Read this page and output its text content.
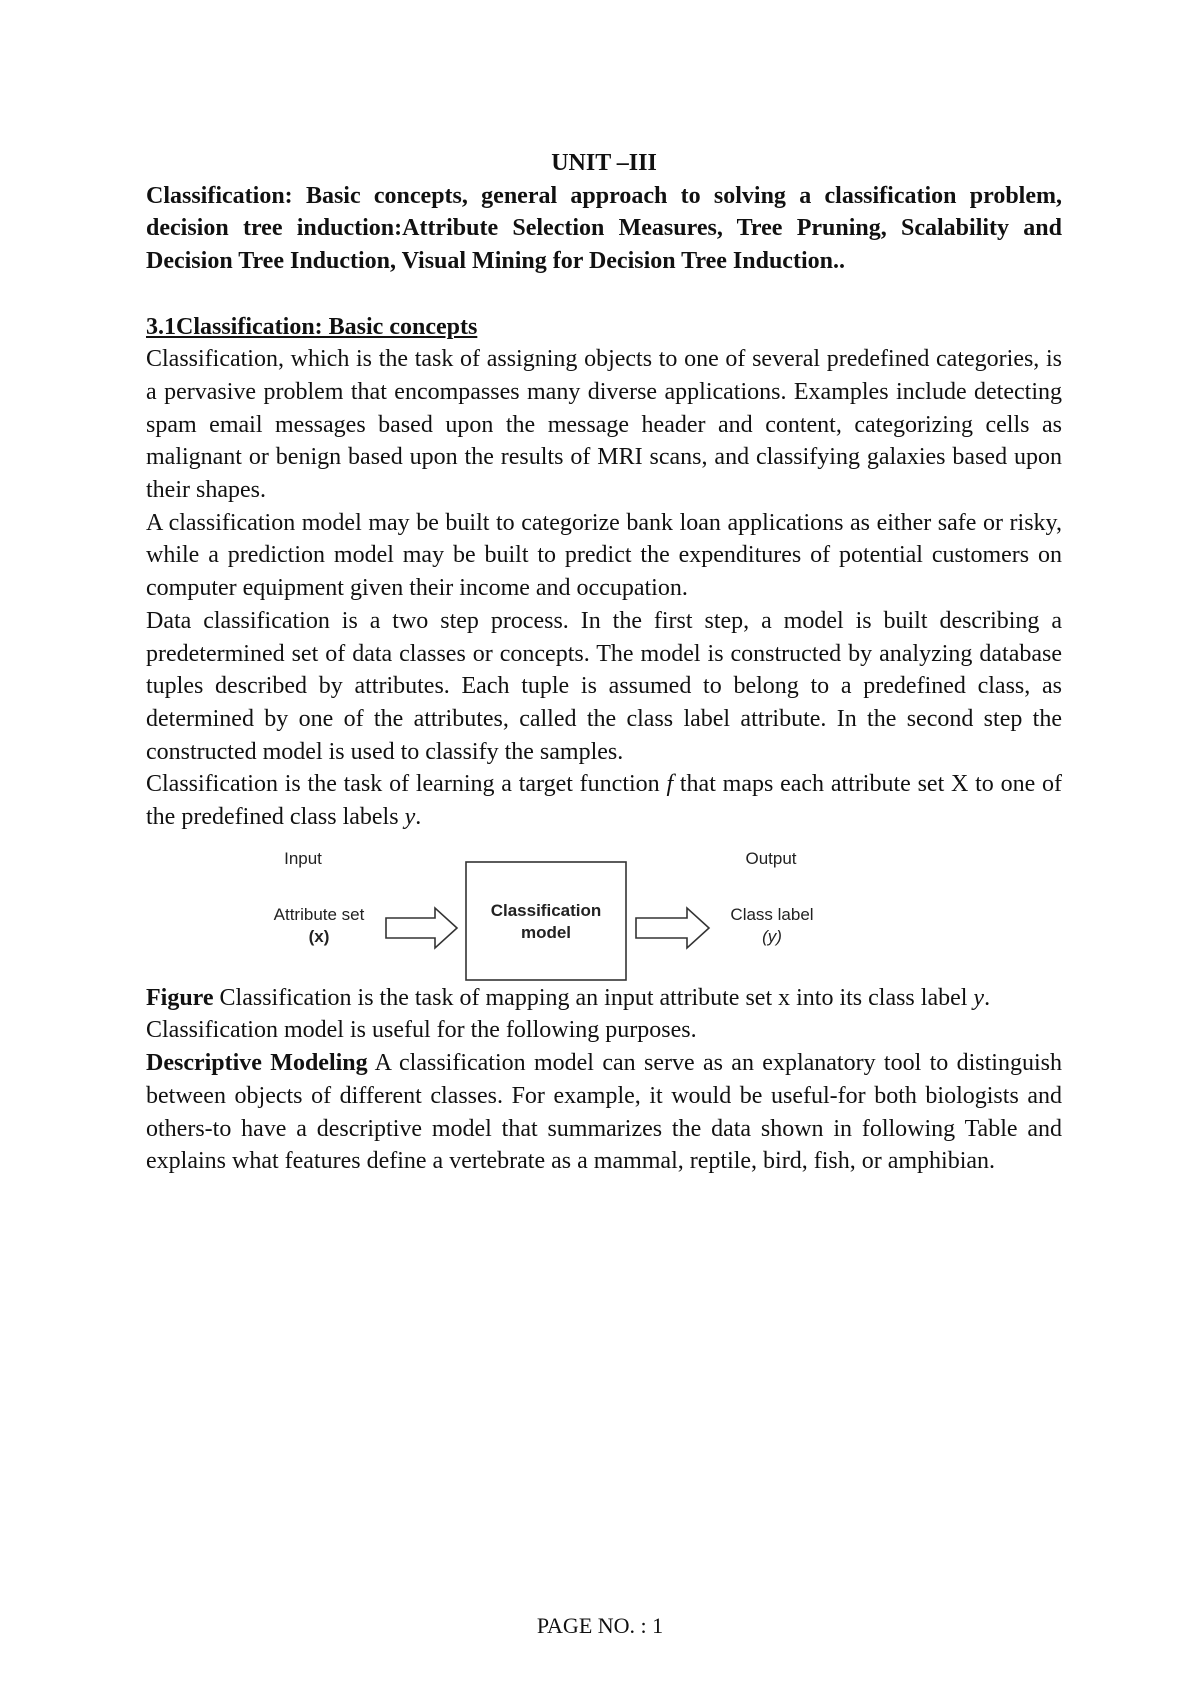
UNIT –III

Classification: Basic concepts, general approach to solving a classification problem, decision tree induction:Attribute Selection Measures, Tree Pruning, Scalability and Decision Tree Induction, Visual Mining for Decision Tree Induction..

3.1Classification: Basic concepts

Classification, which is the task of assigning objects to one of several predefined categories, is a pervasive problem that encompasses many diverse applications. Examples include detecting spam email messages based upon the message header and content, categorizing cells as malignant or benign based upon the results of MRI scans, and classifying galaxies based upon their shapes.

A classification model may be built to categorize bank loan applications as either safe or risky, while a prediction model may be built to predict the expenditures of potential customers on computer equipment given their income and occupation.

Data classification is a two step process. In the first step, a model is built describing a predetermined set of data classes or concepts. The model is constructed by analyzing database tuples described by attributes. Each tuple is assumed to belong to a predefined class, as determined by one of the attributes, called the class label attribute. In the second step the constructed model is used to classify the samples.

Classification is the task of learning a target function f that maps each attribute set X to one of the predefined class labels y.

Input
Attribute set
(x)
Classification
model
Output
Class label
(y)

Figure Classification is the task of mapping an input attribute set x into its class label y.

Classification model is useful for the following purposes.

Descriptive Modeling A classification model can serve as an explanatory tool to distinguish between objects of different classes. For example, it would be useful-for both biologists and others-to have a descriptive model that summarizes the data shown in following Table and explains what features define a vertebrate as a mammal, reptile, bird, fish, or amphibian.

PAGE NO. : 1
